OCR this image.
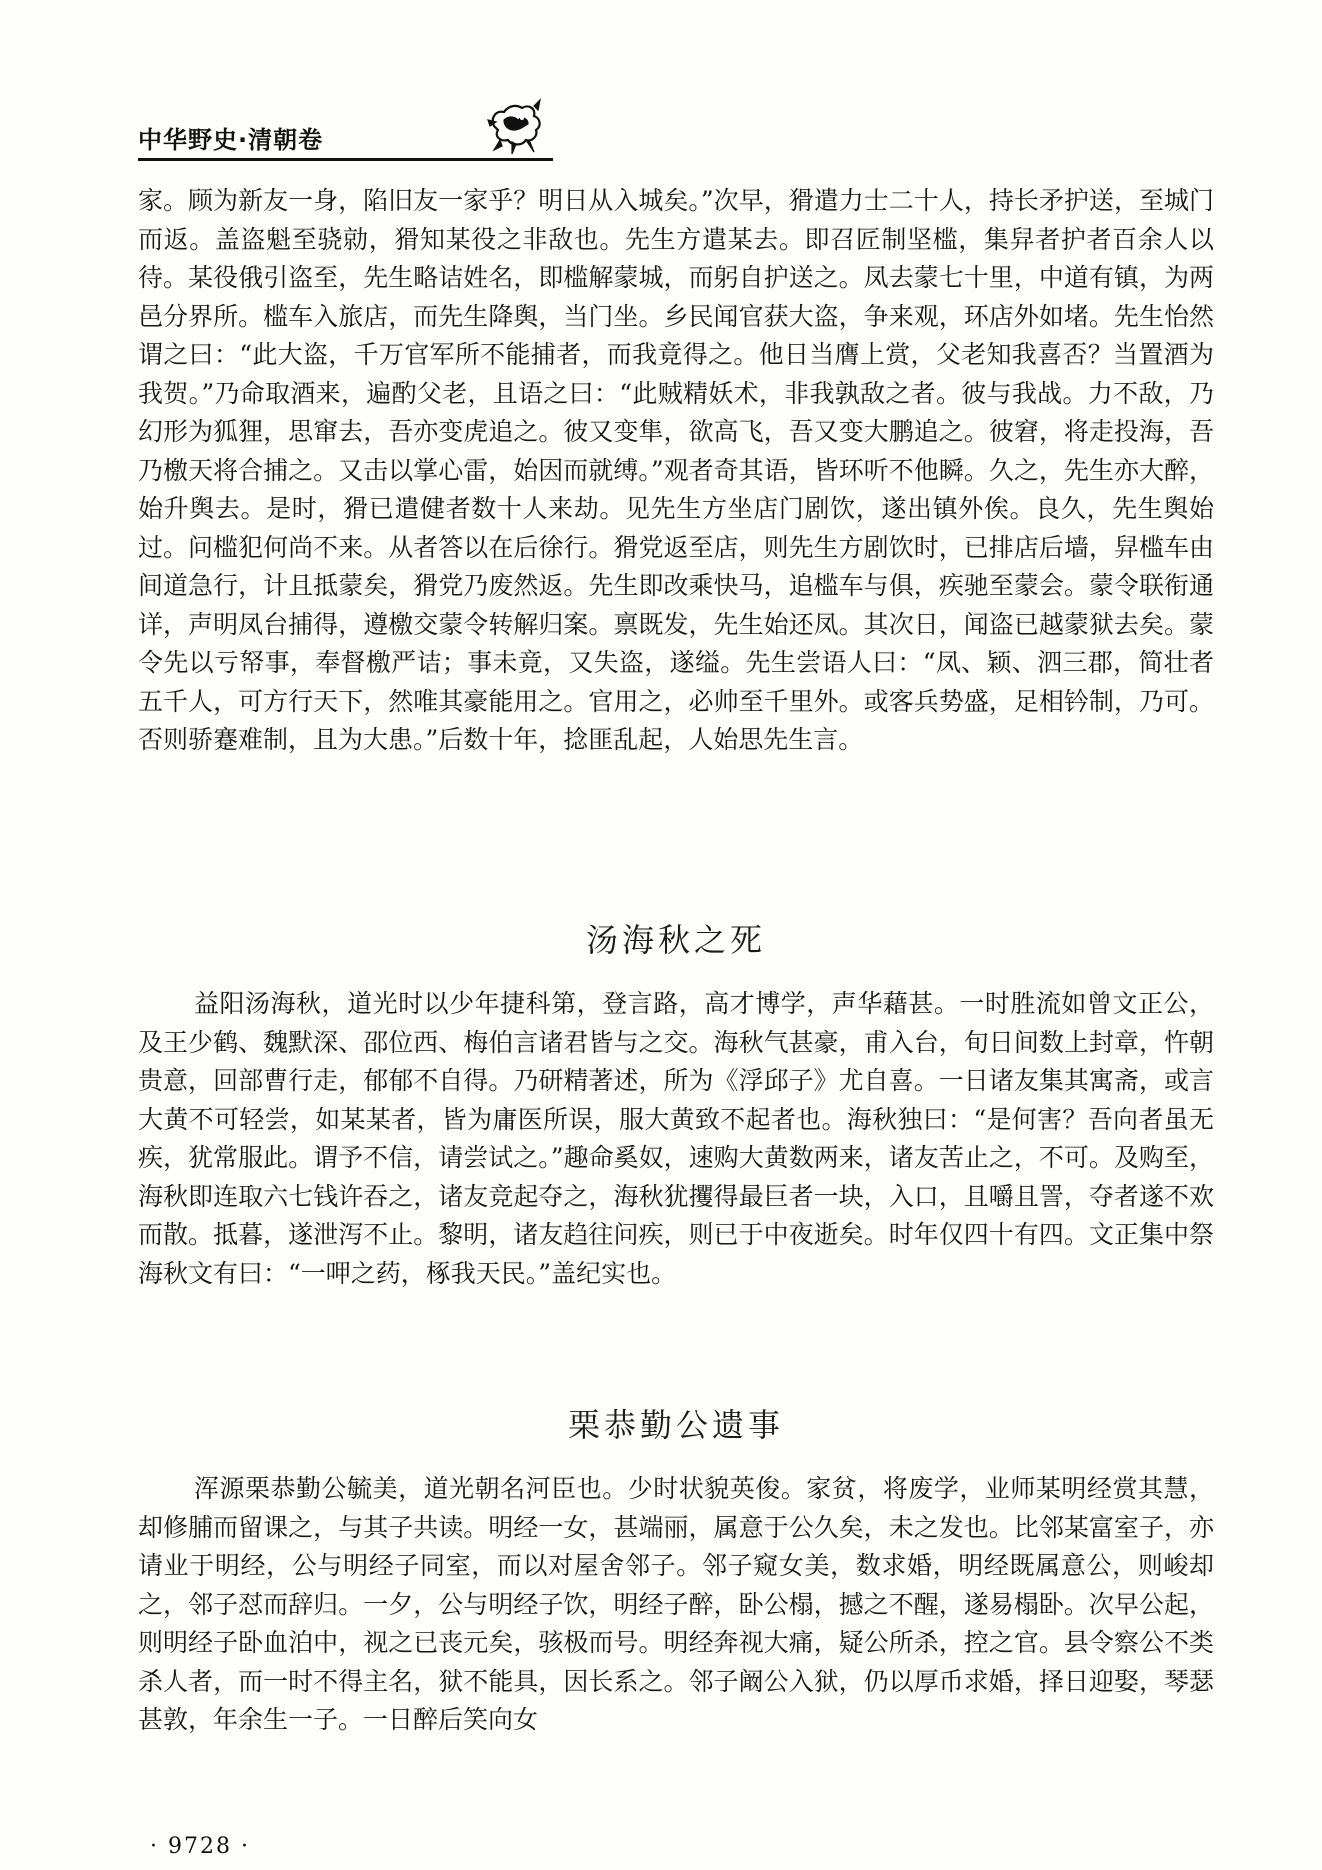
中华野史·清朝卷

家。顾为新友一身，陷旧友一家乎？明日从入城矣。”次早，猾遣力士二十人，持长矛护送，至城门而返。盖盗魁至骁勍，猾知某役之非敌也。先生方遣某去。即召匠制坚槛，集舁者护者百余人以待。某役俄引盗至，先生略诘姓名，即槛解蒙城，而躬自护送之。凤去蒙七十里，中道有镇，为两邑分界所。槛车入旅店，而先生降舆，当门坐。乡民闻官获大盗，争来观，环店外如堵。先生怡然谓之曰：“此大盗，千万官军所不能捕者，而我竟得之。他日当膺上赏，父老知我喜否？当置酒为我贺。”乃命取酒来，遍酌父老，且语之曰：“此贼精妖术，非我孰敌之者。彼与我战。力不敌，乃幻形为狐狸，思窜去，吾亦变虎追之。彼又变隼，欲高飞，吾又变大鹏追之。彼窘，将走投海，吾乃檄天将合捕之。又击以掌心雷，始因而就缚。”观者奇其语，皆环听不他瞬。久之，先生亦大醉，始升舆去。是时，猾已遣健者数十人来劫。见先生方坐店门剧饮，遂出镇外俟。良久，先生舆始过。问槛犯何尚不来。从者答以在后徐行。猾党返至店，则先生方剧饮时，已排店后墙，舁槛车由间道急行，计且抵蒙矣，猾党乃废然返。先生即改乘快马，追槛车与俱，疾驰至蒙会。蒙令联衔通详，声明凤台捕得，遵檄交蒙令转解归案。禀既发，先生始还凤。其次日，闻盗已越蒙狱去矣。蒙令先以亏帑事，奉督檄严诘；事未竟，又失盗，遂缢。先生尝语人曰：“凤、颖、泗三郡，简壮者五千人，可方行天下，然唯其豪能用之。官用之，必帅至千里外。或客兵势盛，足相钤制，乃可。否则骄蹇难制，且为大患。”后数十年，捻匪乱起，人始思先生言。

汤海秋之死

益阳汤海秋，道光时以少年捷科第，登言路，高才博学，声华藉甚。一时胜流如曾文正公，及王少鹤、魏默深、邵位西、梅伯言诸君皆与之交。海秋气甚豪，甫入台，旬日间数上封章，忤朝贵意，回部曹行走，郁郁不自得。乃研精著述，所为《浮邱子》尤自喜。一日诸友集其寓斋，或言大黄不可轻尝，如某某者，皆为庸医所误，服大黄致不起者也。海秋独曰：“是何害？吾向者虽无疾，犹常服此。谓予不信，请尝试之。”趣命奚奴，速购大黄数两来，诸友苦止之，不可。及购至，海秋即连取六七钱许吞之，诸友竞起夺之，海秋犹攫得最巨者一块，入口，且嚼且詈，夺者遂不欢而散。抵暮，遂泄泻不止。黎明，诸友趋往问疾，则已于中夜逝矣。时年仅四十有四。文正集中祭海秋文有曰：“一呷之药，椓我天民。”盖纪实也。

栗恭勤公遗事

浑源栗恭勤公毓美，道光朝名河臣也。少时状貌英俊。家贫，将废学，业师某明经赏其慧，却修脯而留课之，与其子共读。明经一女，甚端丽，属意于公久矣，未之发也。比邻某富室子，亦请业于明经，公与明经子同室，而以对屋舍邻子。邻子窥女美，数求婚，明经既属意公，则峻却之，邻子怼而辞归。一夕，公与明经子饮，明经子醉，卧公榻，撼之不醒，遂易榻卧。次早公起，则明经子卧血泊中，视之已丧元矣，骇极而号。明经奔视大痛，疑公所杀，控之官。县令察公不类杀人者，而一时不得主名，狱不能具，因长系之。邻子阚公入狱，仍以厚币求婚，择日迎娶，琴瑟甚敦，年余生一子。一日醉后笑向女

· 9728 ·
